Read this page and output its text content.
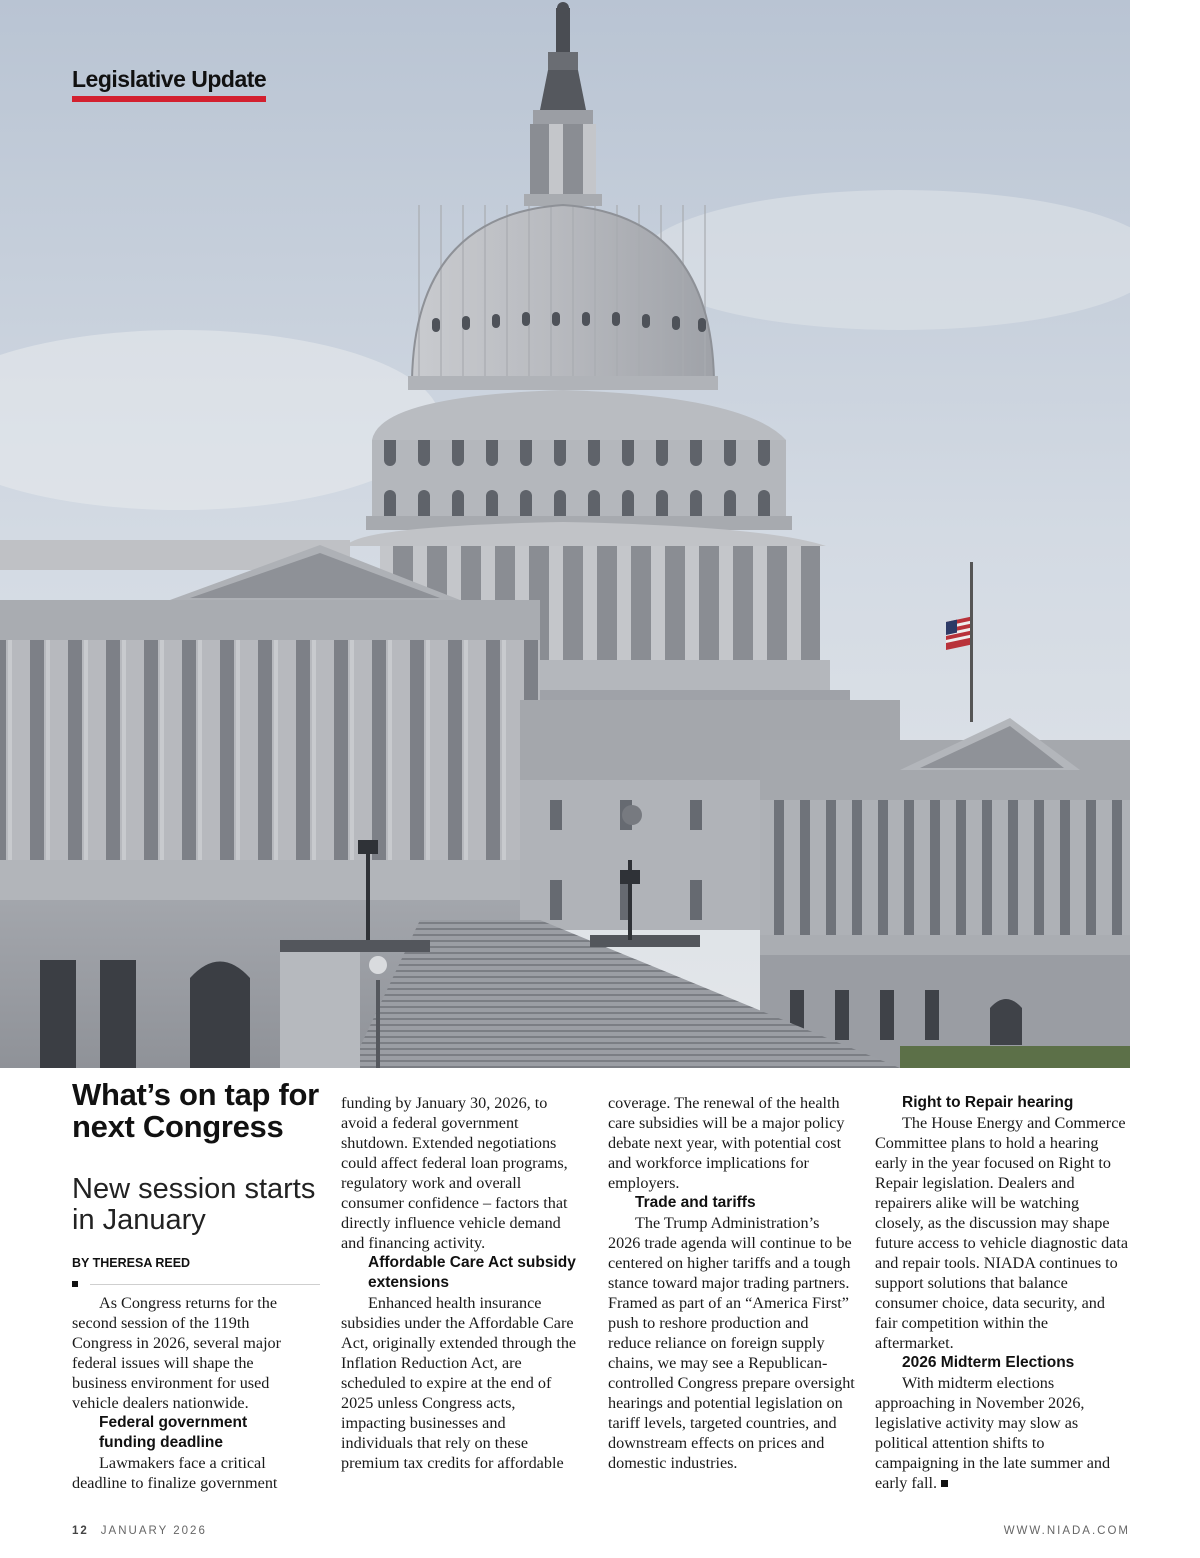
Legislative Update
What’s on tap for next Congress
New session starts in January
BY THERESA REED

As Congress returns for the second session of the 119th Congress in 2026, several major federal issues will shape the business environment for used vehicle dealers nationwide.

Federal government funding deadline

Lawmakers face a critical deadline to finalize government

funding by January 30, 2026, to avoid a federal government shutdown. Extended negotiations could affect federal loan programs, regulatory work and overall consumer confidence – factors that directly influence vehicle demand and financing activity.

Affordable Care Act subsidy extensions

Enhanced health insurance subsidies under the Affordable Care Act, originally extended through the Inflation Reduction Act, are scheduled to expire at the end of 2025 unless Congress acts, impacting businesses and individuals that rely on these premium tax credits for affordable

coverage. The renewal of the health care subsidies will be a major policy debate next year, with potential cost and workforce implications for employers.

Trade and tariffs

The Trump Administration’s 2026 trade agenda will continue to be centered on higher tariffs and a tough stance toward major trading partners. Framed as part of an “America First” push to reshore production and reduce reliance on foreign supply chains, we may see a Republican-controlled Congress prepare oversight hearings and potential legislation on tariff levels, targeted countries, and downstream effects on prices and domestic industries.

Right to Repair hearing

The House Energy and Commerce Committee plans to hold a hearing early in the year focused on Right to Repair legislation. Dealers and repairers alike will be watching closely, as the discussion may shape future access to vehicle diagnostic data and repair tools. NIADA continues to support solutions that balance consumer choice, data security, and fair competition within the aftermarket.

2026 Midterm Elections

With midterm elections approaching in November 2026, legislative activity may slow as political attention shifts to campaigning in the late summer and early fall.

12 JANUARY 2026	WWW.NIADA.COM
